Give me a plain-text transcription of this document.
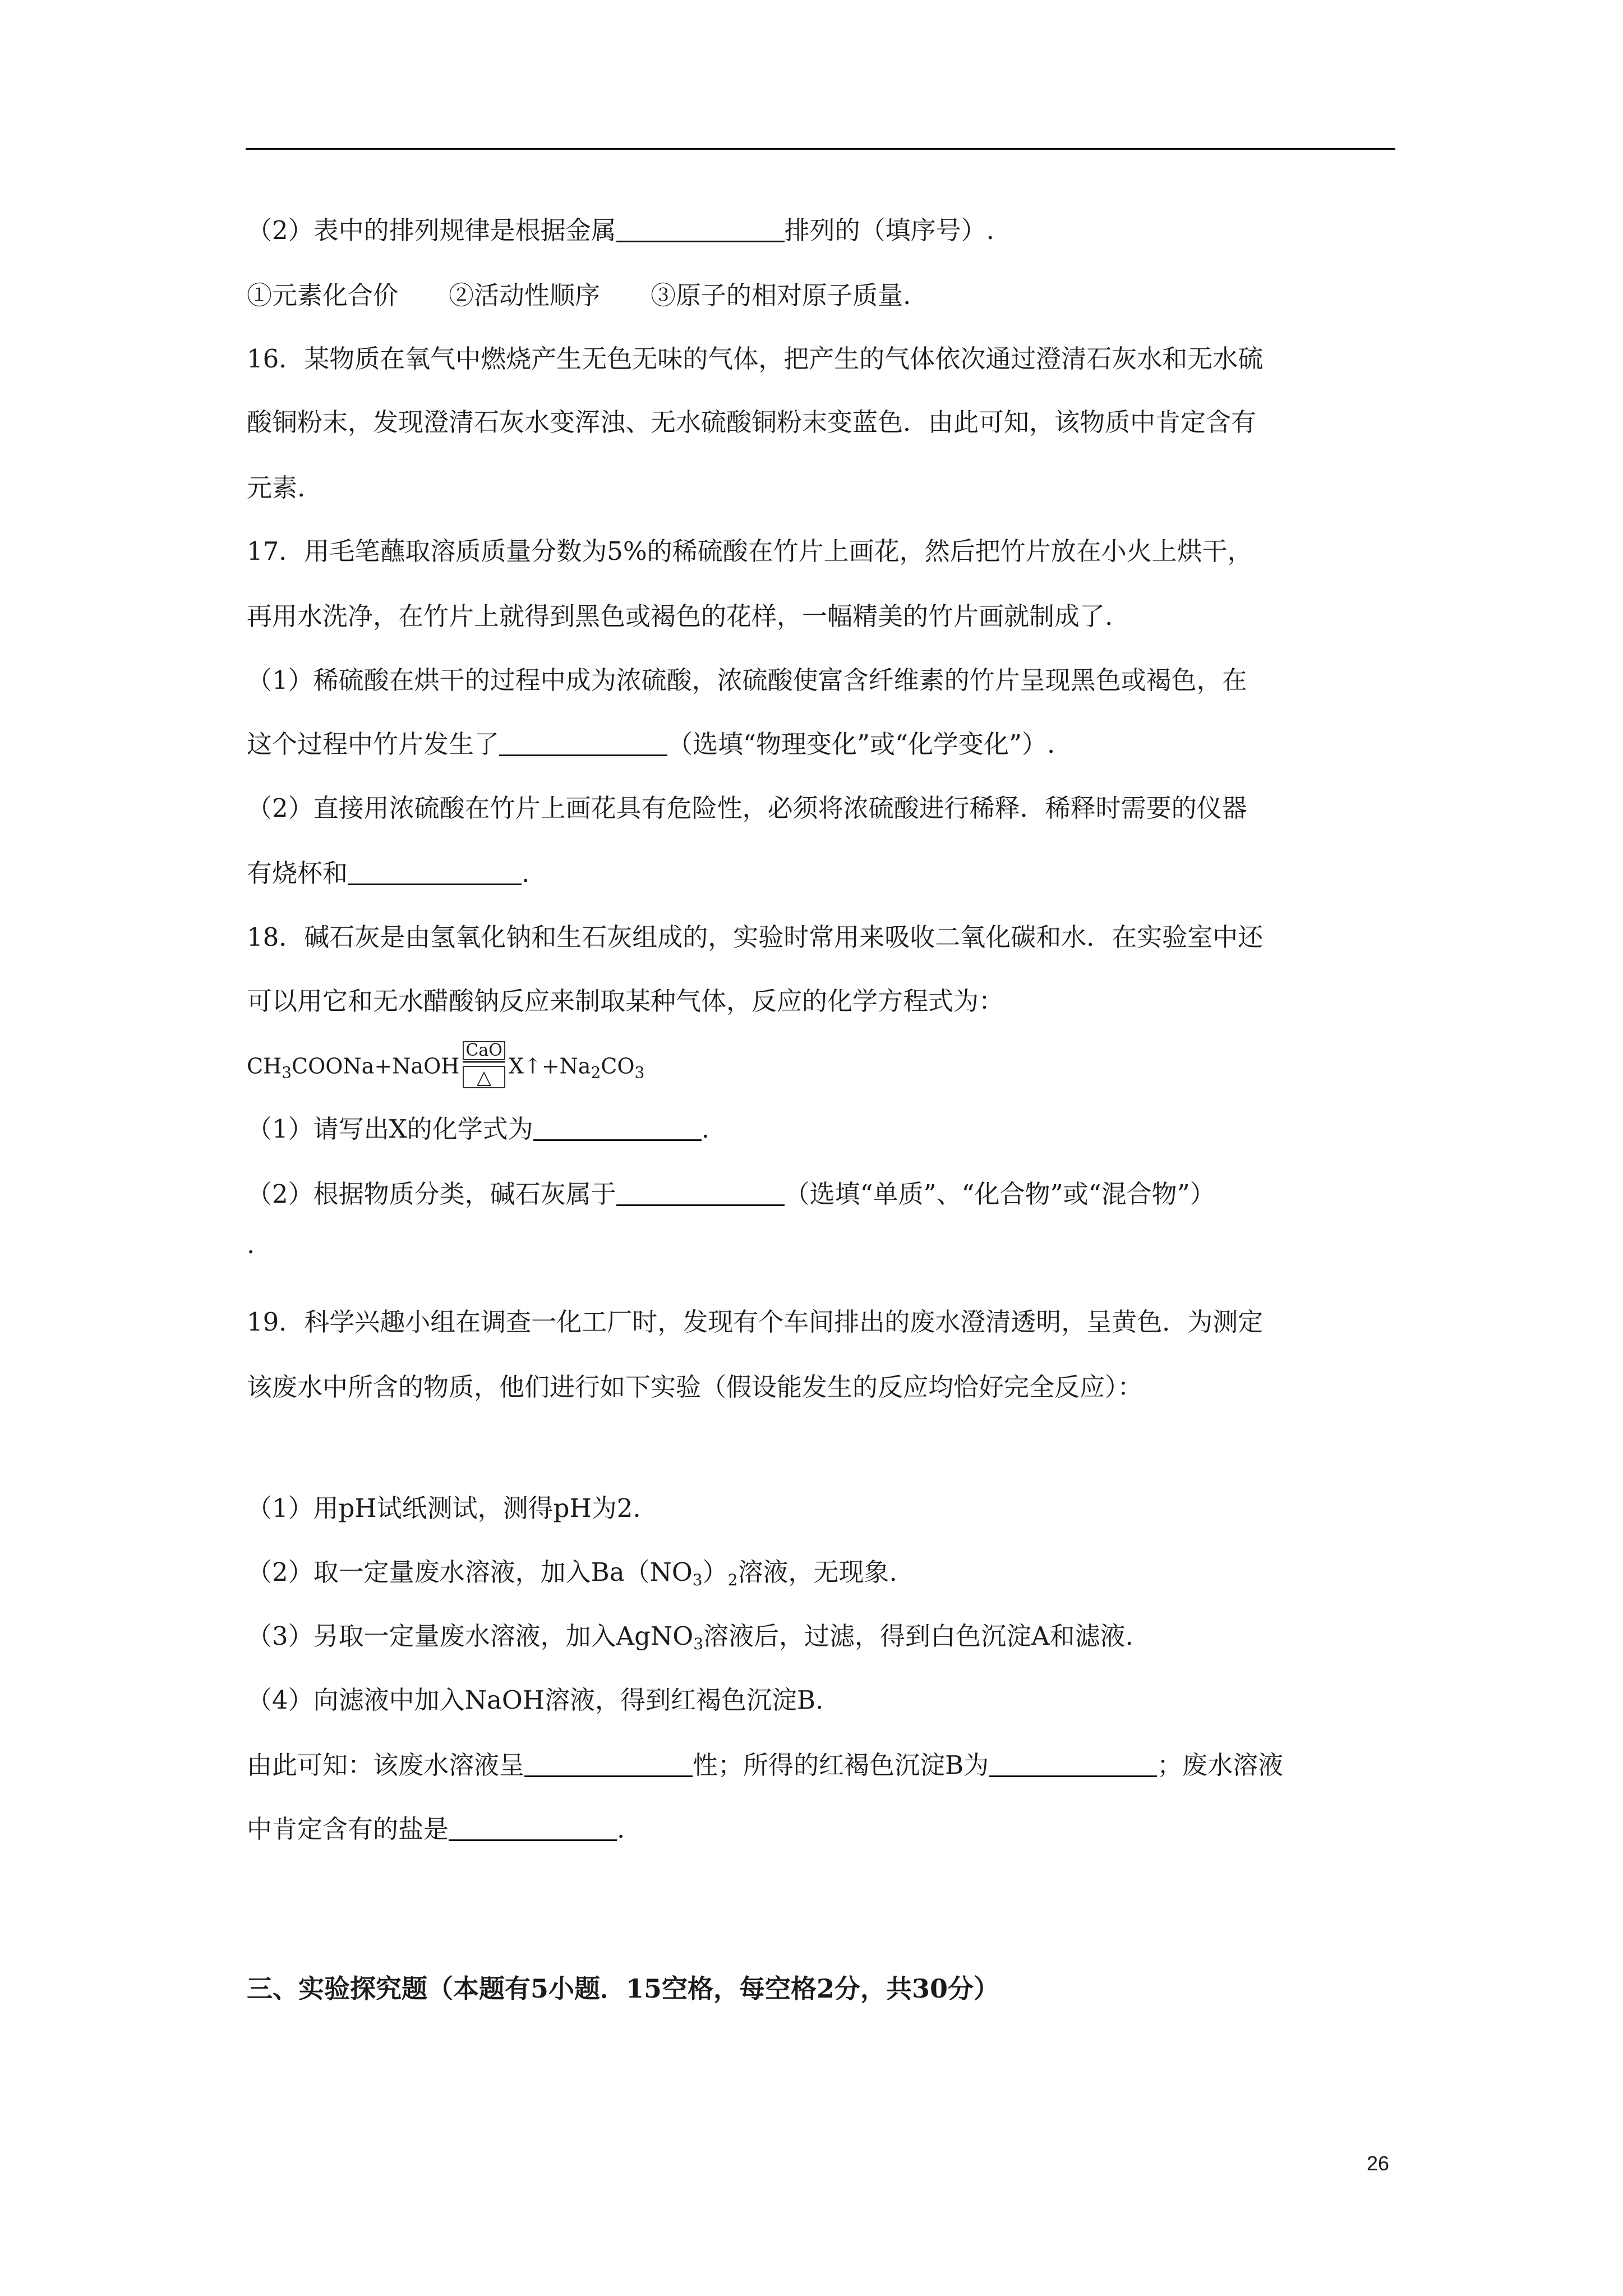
（2）表中的排列规律是根据金属	排列的（填序号）.
①元素化合价　　②活动性顺序　　③原子的相对原子质量.
16．某物质在氧气中燃烧产生无色无味的气体，把产生的气体依次通过澄清石灰水和无水硫
酸铜粉末，发现澄清石灰水变浑浊、无水硫酸铜粉末变蓝色．由此可知，该物质中肯定含有
元素.
17．用毛笔蘸取溶质质量分数为5%的稀硫酸在竹片上画花，然后把竹片放在小火上烘干，
再用水洗净，在竹片上就得到黑色或褐色的花样，一幅精美的竹片画就制成了.
（1）稀硫酸在烘干的过程中成为浓硫酸，浓硫酸使富含纤维素的竹片呈现黑色或褐色，在
这个过程中竹片发生了	（选填“物理变化”或“化学变化”）.
（2）直接用浓硫酸在竹片上画花具有危险性，必须将浓硫酸进行稀释．稀释时需要的仪器
有烧杯和	.
18．碱石灰是由氢氧化钠和生石灰组成的，实验时常用来吸收二氧化碳和水．在实验室中还
可以用它和无水醋酸钠反应来制取某种气体，反应的化学方程式为：
$CH_3COONa+NaOH \frac{\text{CaO}}{\triangle}$ $X↑+Na_2CO_3$
（1）请写出X的化学式为	.
（2）根据物质分类，碱石灰属于	（选填“单质”、“化合物”或“混合物”）
.
19．科学兴趣小组在调查一化工厂时，发现有个车间排出的废水澄清透明，呈黄色．为测定
该废水中所含的物质，他们进行如下实验（假设能发生的反应均恰好完全反应）：
（1）用pH试纸测试，测得pH为2.
（2）取一定量废水溶液，加入$Ba(NO_3)_2$溶液，无现象.
（3）另取一定量废水溶液，加入AgNO$_3$溶液后，过滤，得到白色沉淀A和滤液.
（4）向滤液中加入NaOH溶液，得到红褐色沉淀B.
由此可知：该废水溶液呈	性；所得的红褐色沉淀B为	；废水溶液
中肯定含有的盐是	.
三、实验探究题（本题有5小题．15空格，每空格2分，共30分）
26
